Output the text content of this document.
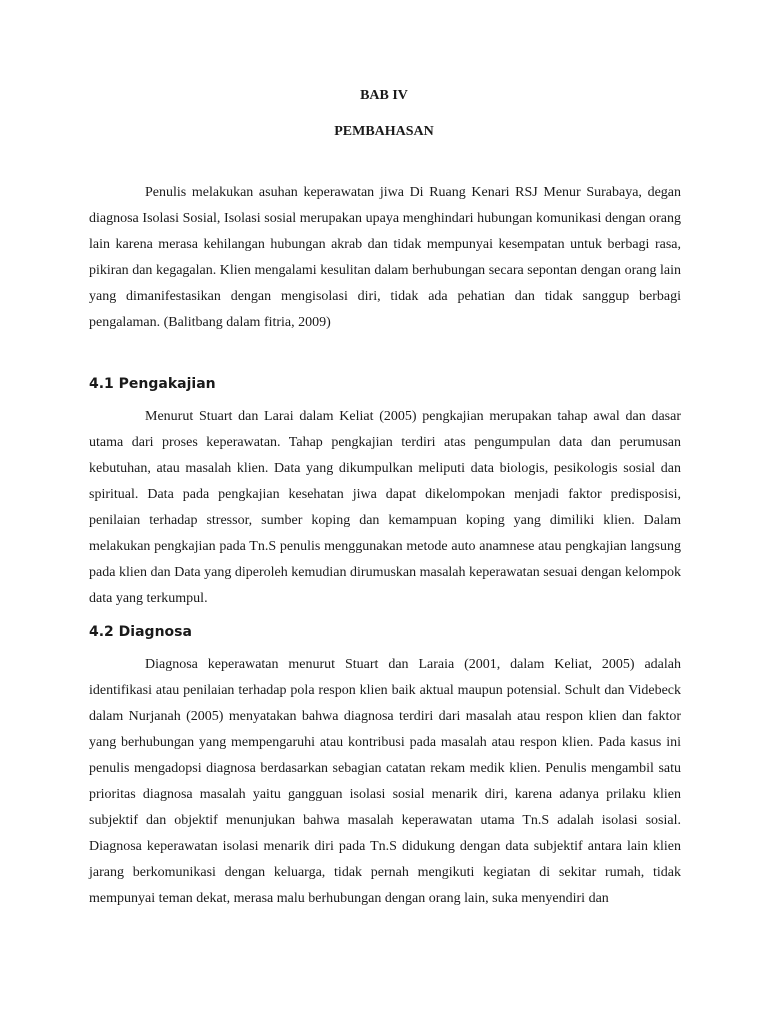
BAB IV
PEMBAHASAN

Penulis melakukan asuhan keperawatan jiwa Di Ruang Kenari RSJ Menur Surabaya, degan diagnosa Isolasi Sosial, Isolasi sosial merupakan upaya menghindari hubungan komunikasi dengan orang lain karena merasa kehilangan hubungan akrab dan tidak mempunyai kesempatan untuk berbagi rasa, pikiran dan kegagalan. Klien mengalami kesulitan dalam berhubungan secara sepontan dengan orang lain yang dimanifestasikan dengan mengisolasi diri, tidak ada pehatian dan tidak sanggup berbagi pengalaman. (Balitbang dalam fitria, 2009)

4.1 Pengakajian

Menurut Stuart dan Larai dalam Keliat (2005) pengkajian merupakan tahap awal dan dasar utama dari proses keperawatan. Tahap pengkajian terdiri atas pengumpulan data dan perumusan kebutuhan, atau masalah klien. Data yang dikumpulkan meliputi data biologis, pesikologis sosial dan spiritual. Data pada pengkajian kesehatan jiwa dapat dikelompokan menjadi faktor predisposisi, penilaian terhadap stressor, sumber koping dan kemampuan koping yang dimiliki klien. Dalam melakukan pengkajian pada Tn.S penulis menggunakan metode auto anamnese atau pengkajian langsung pada klien dan Data yang diperoleh kemudian dirumuskan masalah keperawatan sesuai dengan kelompok data yang terkumpul.

4.2 Diagnosa

Diagnosa keperawatan menurut Stuart dan Laraia (2001, dalam Keliat, 2005) adalah identifikasi atau penilaian terhadap pola respon klien baik aktual maupun potensial. Schult dan Videbeck dalam Nurjanah (2005) menyatakan bahwa diagnosa terdiri dari masalah atau respon klien dan faktor yang berhubungan yang mempengaruhi atau kontribusi pada masalah atau respon klien. Pada kasus ini penulis mengadopsi diagnosa berdasarkan sebagian catatan rekam medik klien. Penulis mengambil satu prioritas diagnosa masalah yaitu gangguan isolasi sosial menarik diri, karena adanya prilaku klien subjektif dan objektif menunjukan bahwa masalah keperawatan utama Tn.S adalah isolasi sosial. Diagnosa keperawatan isolasi menarik diri pada Tn.S didukung dengan data subjektif antara lain klien jarang berkomunikasi dengan keluarga, tidak pernah mengikuti kegiatan di sekitar rumah, tidak mempunyai teman dekat, merasa malu berhubungan dengan orang lain, suka menyendiri dan
